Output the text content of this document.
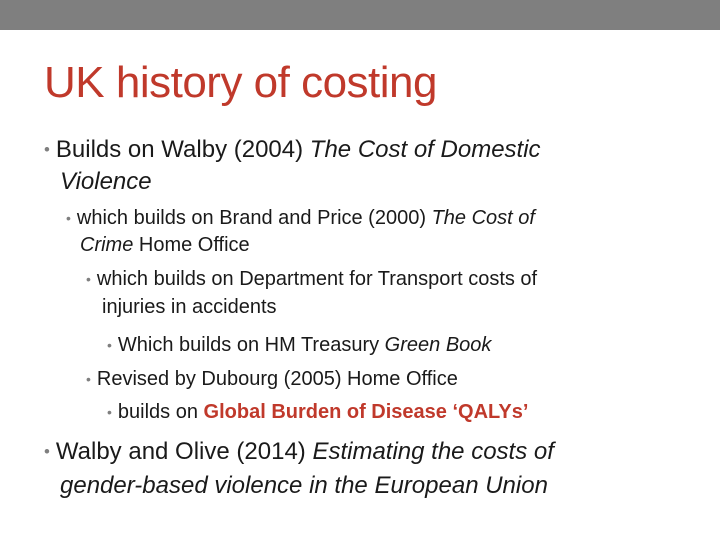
UK history of costing
• Builds on Walby (2004) The Cost of Domestic
Violence
• which builds on Brand and Price (2000) The Cost of
Crime Home Office
• which builds on Department for Transport costs of
injuries in accidents
• Which builds on HM Treasury Green Book
• Revised by Dubourg (2005) Home Office
• builds on Global Burden of Disease ‘QALYs’
• Walby and Olive (2014) Estimating the costs of
gender-based violence in the European Union
